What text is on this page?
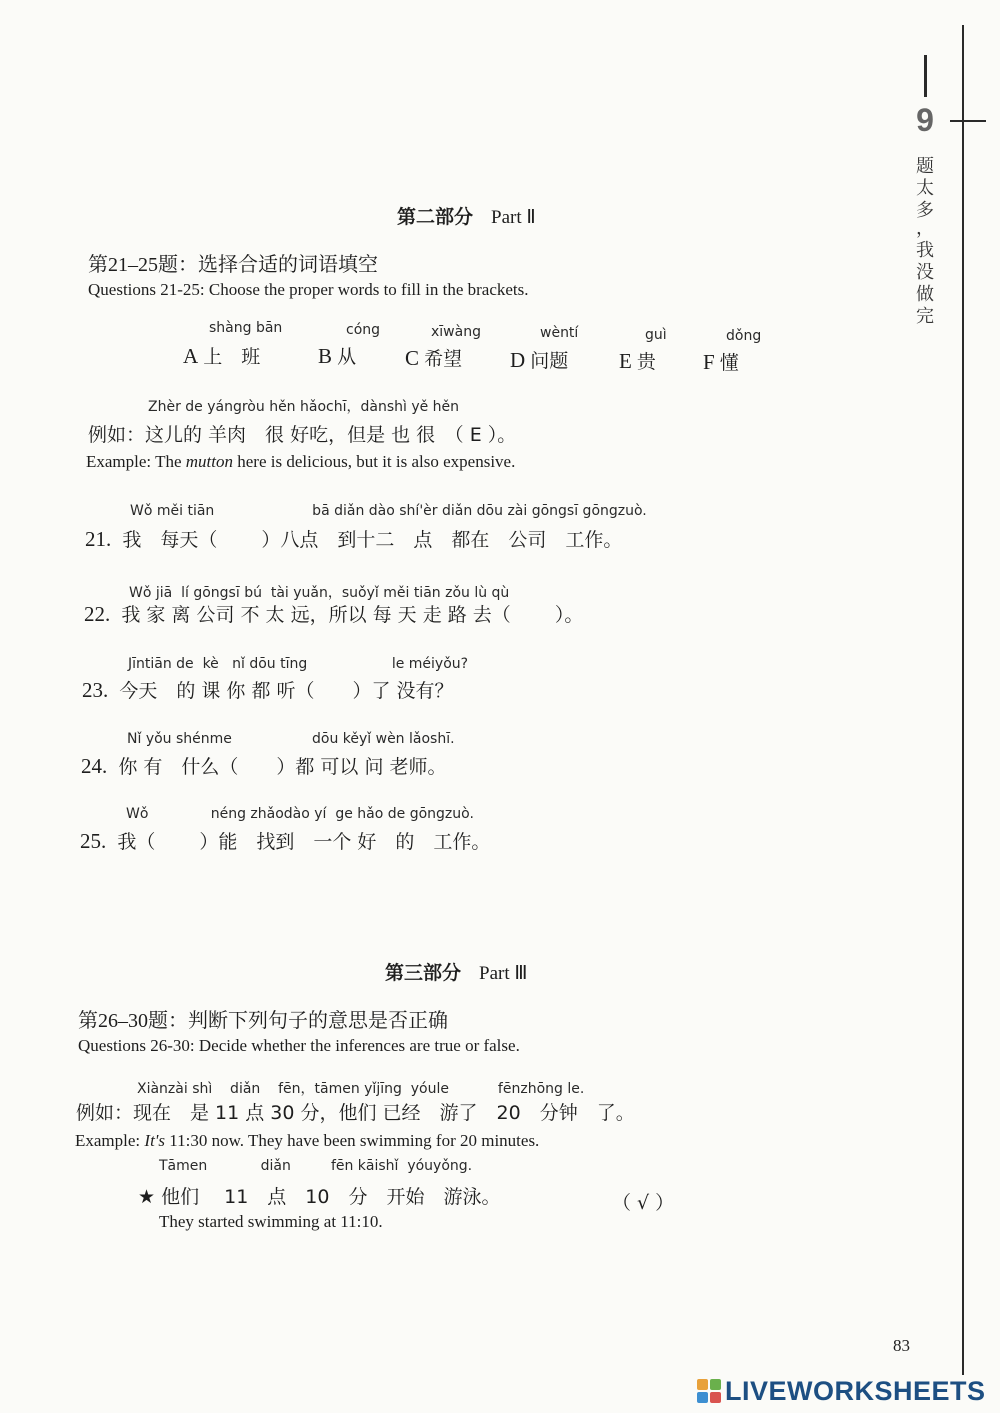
9
题
太
多
，
我
没
做
完
第二部分 Part Ⅱ
第21–25题：选择合适的词语填空
Questions 21-25: Choose the proper words to fill in the brackets.
shàng bān
A 上　班
cóng
B 从
xīwàng
C 希望
wèntí
D 问题
guì
E 贵
dǒng
F 懂
Zhèr de yángròu hěn hǎochī，dànshì yě hěn
例如：这儿的 羊肉　很 好吃，但是 也 很　（ E ）。
Example: The mutton here is delicious, but it is also expensive.
Wǒ měi tiān                      bā diǎn dào shí'èr diǎn dōu zài gōngsī gōngzuò.
21. 我　每天（　　 ）八点　到十二　点　都在　公司　工作。
Wǒ jiā  lí gōngsī bú  tài yuǎn，suǒyǐ měi tiān zǒu lù qù
22. 我 家 离 公司 不 太 远，所以 每 天 走 路 去（　　 ）。
Jīntiān de  kè   nǐ dōu tīng                   le méiyǒu?
23. 今天　的 课 你 都 听（　　）了 没有？
Nǐ yǒu shénme                  dōu kěyǐ wèn lǎoshī.
24. 你 有　什么（　　）都 可以 问 老师。
Wǒ              néng zhǎodào yí  ge hǎo de gōngzuò.
25. 我（　　 ）能　找到　一个 好　的　工作。
第三部分 Part Ⅲ
第26–30题：判断下列句子的意思是否正确
Questions 26-30: Decide whether the inferences are true or false.
Xiànzài shì    diǎn    fēn，tāmen yǐjīng  yóule           fēnzhōng le.
例如：现在　是 11 点 30 分，他们 已经　游了　20　分钟　了。
Example: It's 11:30 now. They have been swimming for 20 minutes.
Tāmen            diǎn         fēn kāishǐ  yóuyǒng.
★ 他们　 11　点　10　分　开始　游泳。	（ √ ）
They started swimming at 11:10.
83
LIVEWORKSHEETS
